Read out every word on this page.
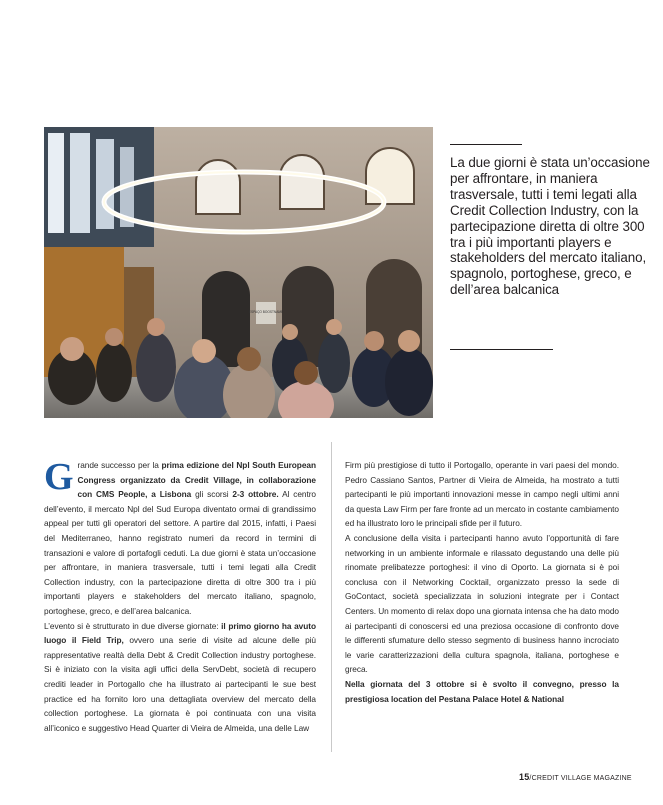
ESPAÇO BOOSTNAME
La due giorni è stata un’occasione per affrontare, in maniera trasversale, tutti i temi legati alla Credit Collection Industry, con la partecipazione diretta di oltre 300 tra i più importanti players e stakeholders del mercato italiano, spagnolo, portoghese, greco, e dell’area balcanica

Grande successo per la prima edizione del Npl South European Congress organizzato da Credit Village, in collaborazione con CMS People, a Lisbona gli scorsi 2-3 ottobre. Al centro dell’evento, il mercato Npl del Sud Europa diventato ormai di grandissimo appeal per tutti gli operatori del settore. A partire dal 2015, infatti, i Paesi del Mediterraneo, hanno registrato numeri da record in termini di transazioni e valore di portafogli ceduti. La due giorni è stata un’occasione per affrontare, in maniera trasversale, tutti i temi legati alla Credit Collection industry, con la partecipazione diretta di oltre 300 tra i più importanti players e stakeholders del mercato italiano, spagnolo, portoghese, greco, e dell’area balcanica.

L’evento si è strutturato in due diverse giornate: il primo giorno ha avuto luogo il Field Trip, ovvero una serie di visite ad alcune delle più rappresentative realtà della Debt & Credit Collection industry portoghese. Si è iniziato con la visita agli uffici della ServDebt, società di recupero crediti leader in Portogallo che ha illustrato ai partecipanti le sue best practice ed ha fornito loro una dettagliata overview del mercato della collection portoghese. La giornata è poi continuata con una visita all’iconico e suggestivo Head Quarter di Vieira de Almeida, una delle Law

Firm più prestigiose di tutto il Portogallo, operante in vari paesi del mondo. Pedro Cassiano Santos, Partner di Vieira de Almeida, ha mostrato a tutti partecipanti le più importanti innovazioni messe in campo negli ultimi anni da questa Law Firm per fare fronte ad un mercato in costante cambiamento ed ha illustrato loro le principali sfide per il futuro.

A conclusione della visita i partecipanti hanno avuto l’opportunità di fare networking in un ambiente informale e rilassato degustando una delle più rinomate prelibatezze portoghesi: il vino di Oporto. La giornata si è poi conclusa con il Networking Cocktail, organizzato presso la sede di GoContact, società specializzata in soluzioni integrate per i Contact Centers. Un momento di relax dopo una giornata intensa che ha dato modo ai partecipanti di conoscersi ed una preziosa occasione di confronto dove le differenti sfumature dello stesso segmento di business hanno incrociato le varie caratterizzazioni della cultura spagnola, italiana, portoghese e greca.

Nella giornata del 3 ottobre si è svolto il convegno, presso la prestigiosa location del Pestana Palace Hotel & National

15/CREDIT VILLAGE MAGAZINE
